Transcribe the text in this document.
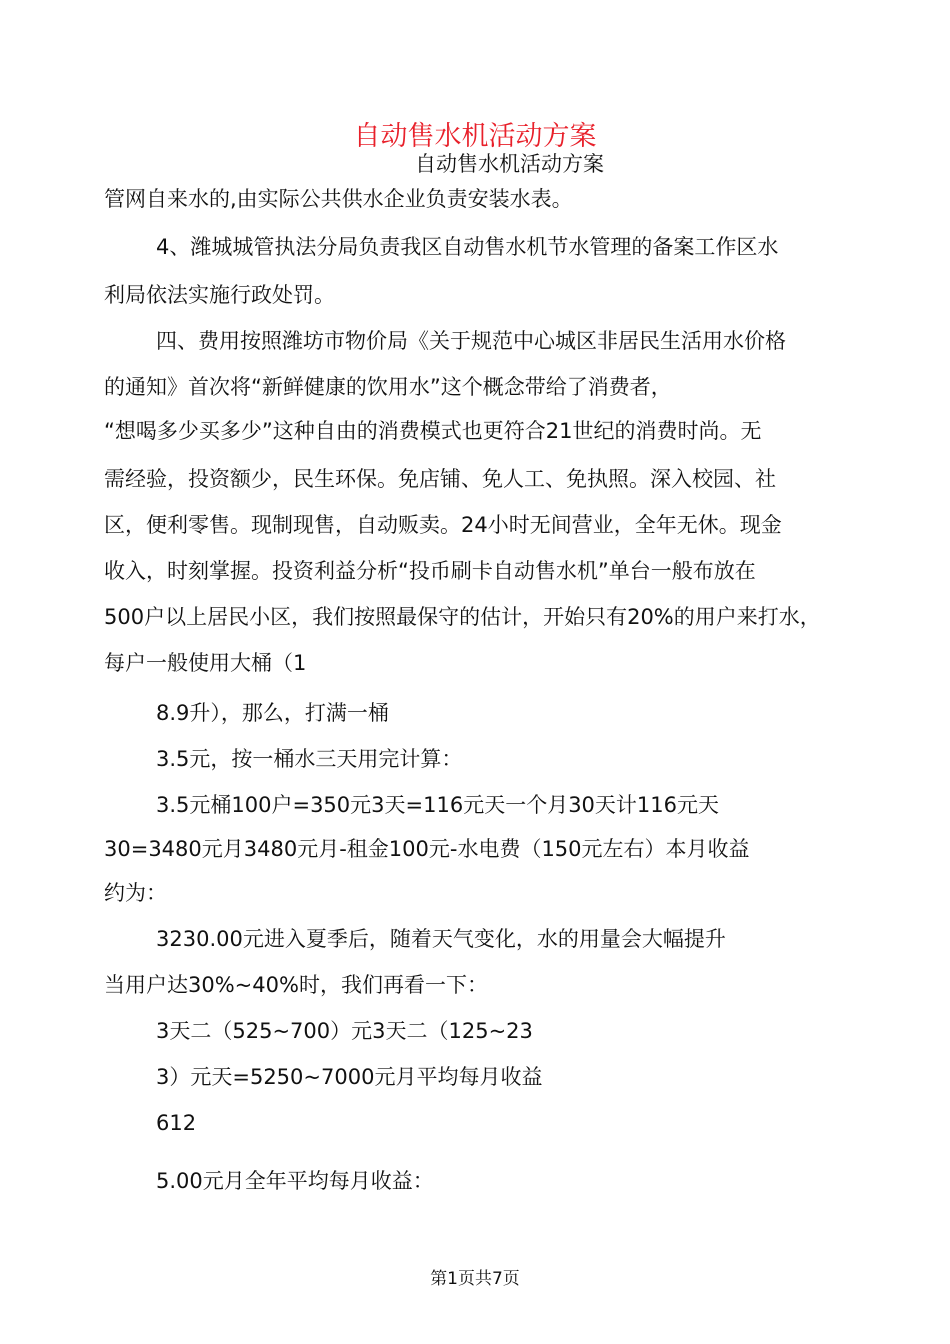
自动售水机活动方案
自动售水机活动方案
管网自来水的,由实际公共供水企业负责安装水表。
4、潍城城管执法分局负责我区自动售水机节水管理的备案工作区水
利局依法实施行政处罚。
四、费用按照潍坊市物价局《关于规范中心城区非居民生活用水价格
的通知》首次将“新鲜健康的饮用水”这个概念带给了消费者，
“想喝多少买多少”这种自由的消费模式也更符合21世纪的消费时尚。无
需经验，投资额少，民生环保。免店铺、免人工、免执照。深入校园、社
区，便利零售。现制现售，自动贩卖。24小时无间营业，全年无休。现金
收入，时刻掌握。投资利益分析“投币刷卡自动售水机”单台一般布放在
500户以上居民小区，我们按照最保守的估计，开始只有20%的用户来打水，
每户一般使用大桶（1
8.9升），那么，打满一桶
3.5元，按一桶水三天用完计算：
3.5元桶100户=350元3天=116元天一个月30天计116元天
30=3480元月3480元月-租金100元-水电费（150元左右）本月收益
约为：
3230.00元进入夏季后，随着天气变化，水的用量会大幅提升
当用户达30%~40%时，我们再看一下：
3天二（525~700）元3天二（125~23
3）元天=5250~7000元月平均每月收益
612
5.00元月全年平均每月收益：
第1页共7页
